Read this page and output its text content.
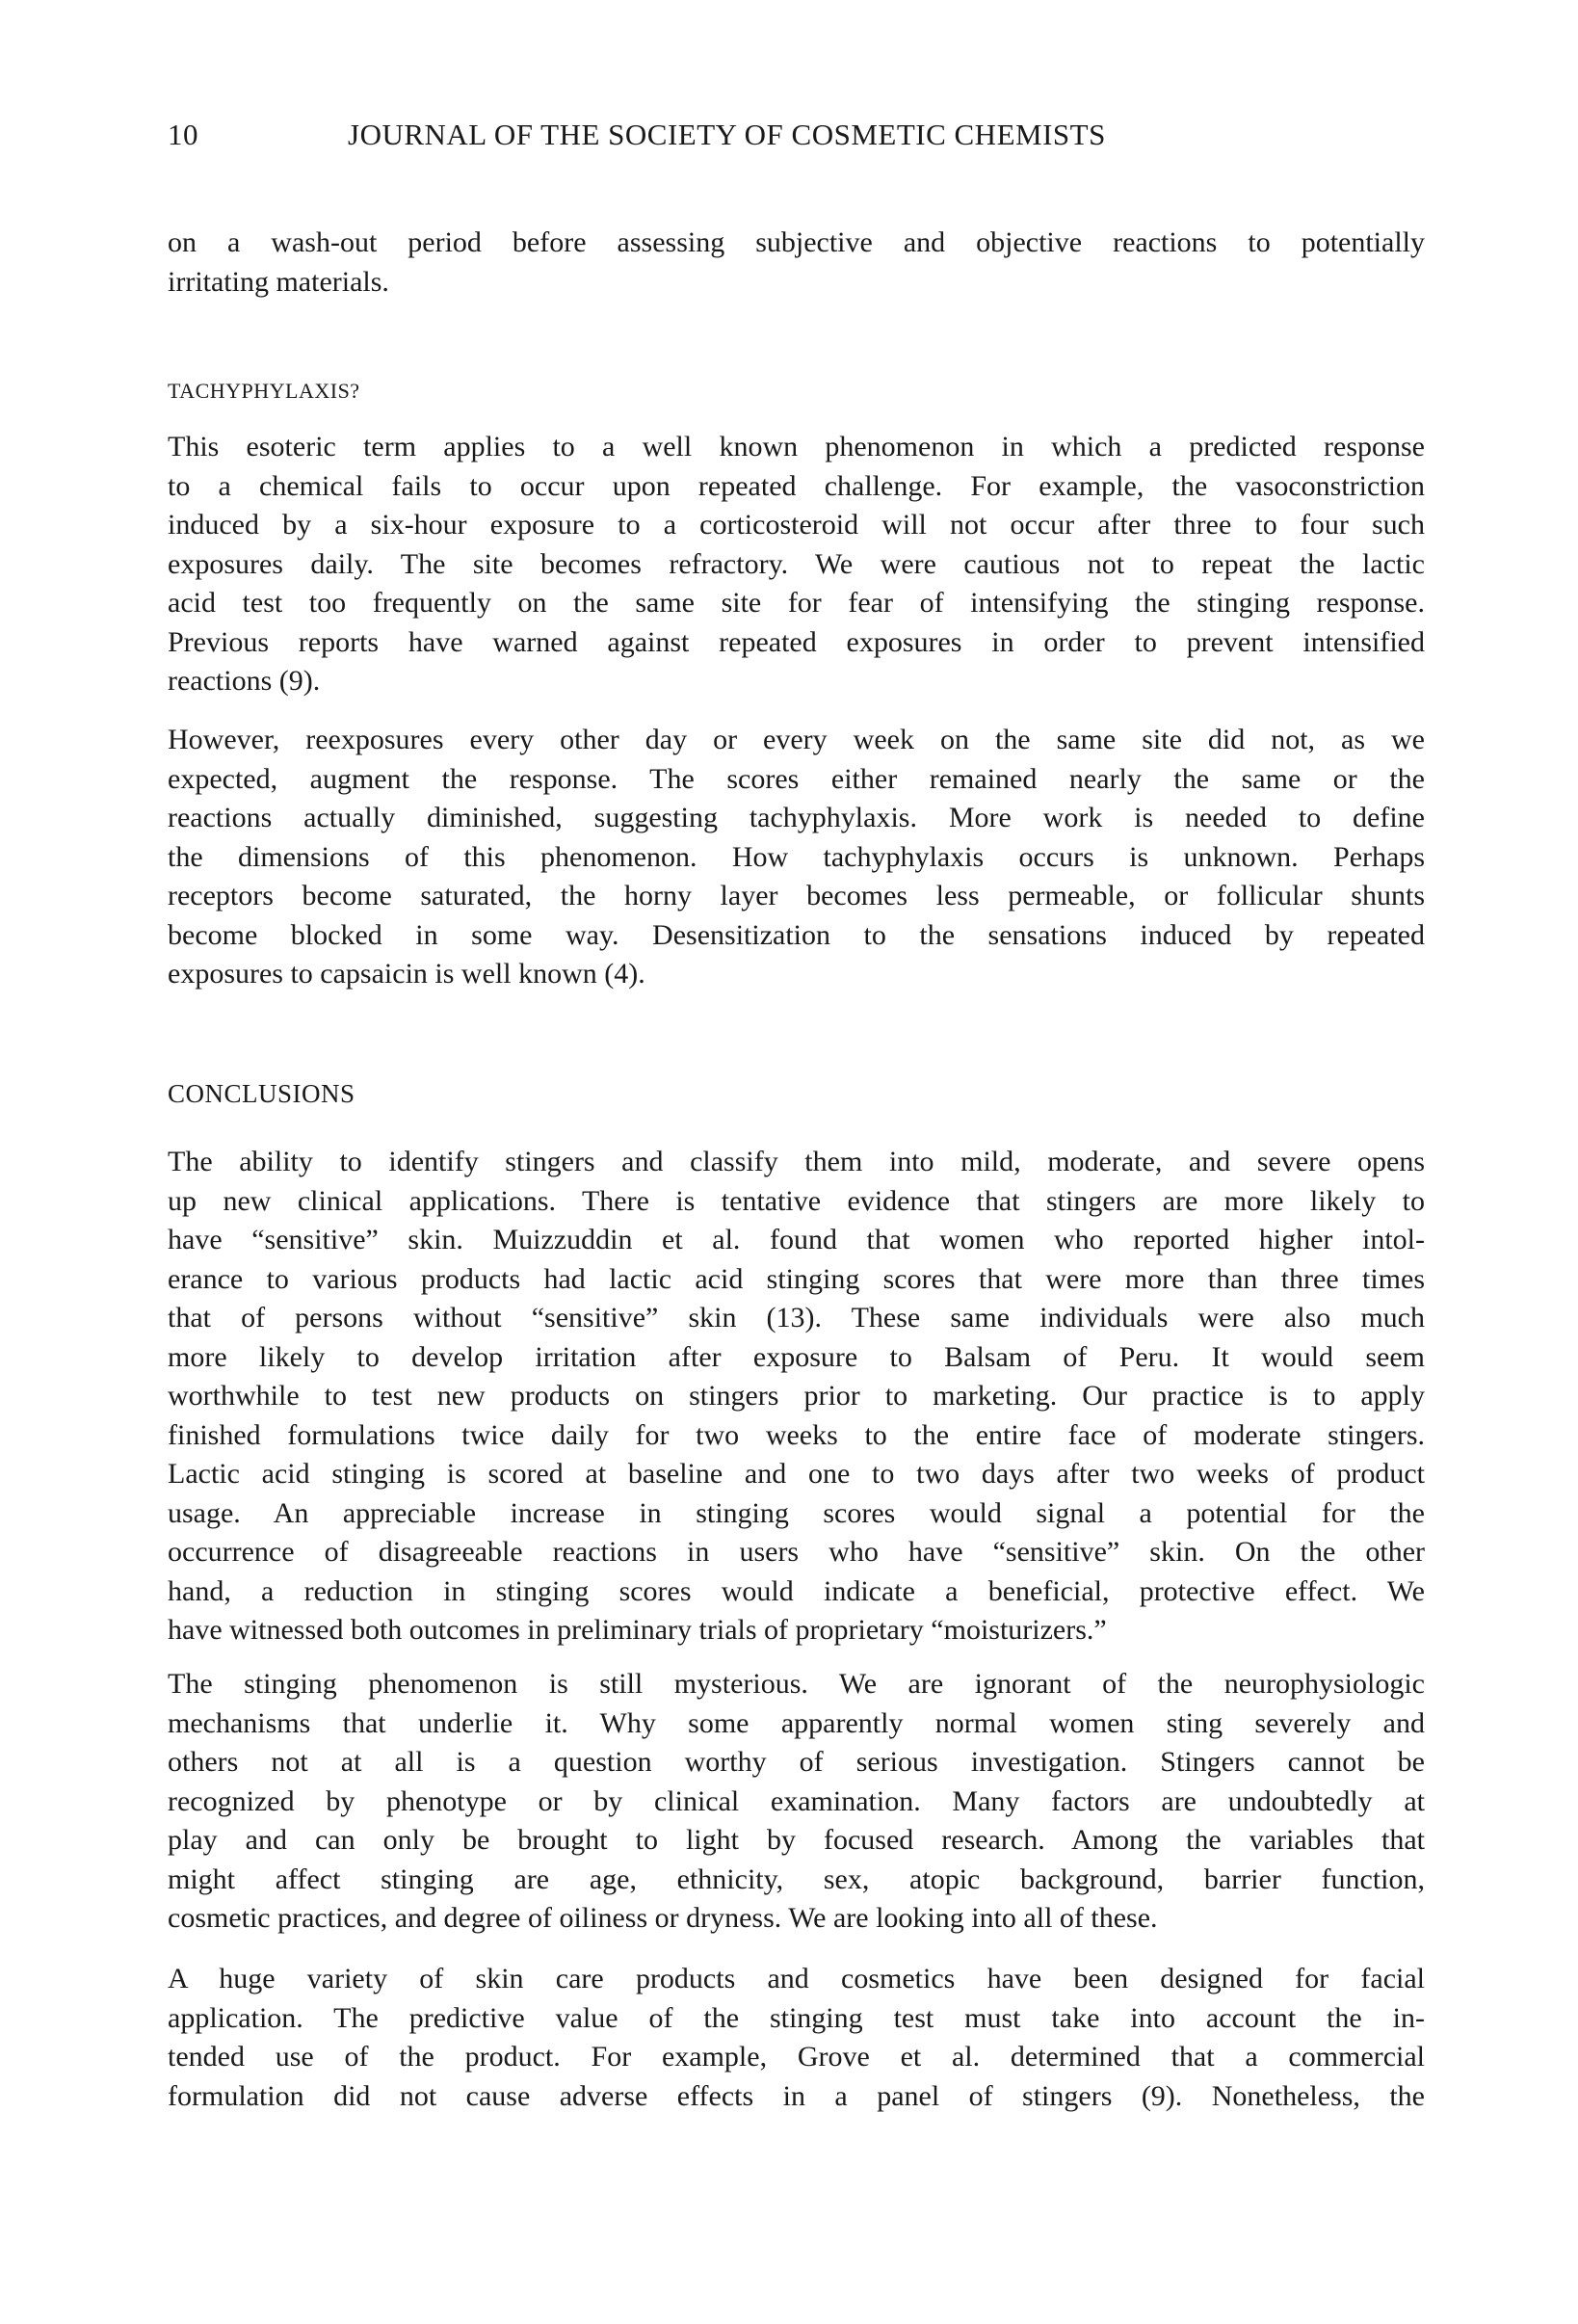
10	JOURNAL OF THE SOCIETY OF COSMETIC CHEMISTS
on a wash-out period before assessing subjective and objective reactions to potentially
irritating materials.
TACHYPHYLAXIS?
This esoteric term applies to a well known phenomenon in which a predicted response
to a chemical fails to occur upon repeated challenge. For example, the vasoconstriction
induced by a six-hour exposure to a corticosteroid will not occur after three to four such
exposures daily. The site becomes refractory. We were cautious not to repeat the lactic
acid test too frequently on the same site for fear of intensifying the stinging response.
Previous reports have warned against repeated exposures in order to prevent intensified
reactions (9).
However, reexposures every other day or every week on the same site did not, as we
expected, augment the response. The scores either remained nearly the same or the
reactions actually diminished, suggesting tachyphylaxis. More work is needed to define
the dimensions of this phenomenon. How tachyphylaxis occurs is unknown. Perhaps
receptors become saturated, the horny layer becomes less permeable, or follicular shunts
become blocked in some way. Desensitization to the sensations induced by repeated
exposures to capsaicin is well known (4).
CONCLUSIONS
The ability to identify stingers and classify them into mild, moderate, and severe opens
up new clinical applications. There is tentative evidence that stingers are more likely to
have “sensitive” skin. Muizzuddin et al. found that women who reported higher intol-
erance to various products had lactic acid stinging scores that were more than three times
that of persons without “sensitive” skin (13). These same individuals were also much
more likely to develop irritation after exposure to Balsam of Peru. It would seem
worthwhile to test new products on stingers prior to marketing. Our practice is to apply
finished formulations twice daily for two weeks to the entire face of moderate stingers.
Lactic acid stinging is scored at baseline and one to two days after two weeks of product
usage. An appreciable increase in stinging scores would signal a potential for the
occurrence of disagreeable reactions in users who have “sensitive” skin. On the other
hand, a reduction in stinging scores would indicate a beneficial, protective effect. We
have witnessed both outcomes in preliminary trials of proprietary “moisturizers.”
The stinging phenomenon is still mysterious. We are ignorant of the neurophysiologic
mechanisms that underlie it. Why some apparently normal women sting severely and
others not at all is a question worthy of serious investigation. Stingers cannot be
recognized by phenotype or by clinical examination. Many factors are undoubtedly at
play and can only be brought to light by focused research. Among the variables that
might affect stinging are age, ethnicity, sex, atopic background, barrier function,
cosmetic practices, and degree of oiliness or dryness. We are looking into all of these.
A huge variety of skin care products and cosmetics have been designed for facial
application. The predictive value of the stinging test must take into account the in-
tended use of the product. For example, Grove et al. determined that a commercial
formulation did not cause adverse effects in a panel of stingers (9). Nonetheless, the
